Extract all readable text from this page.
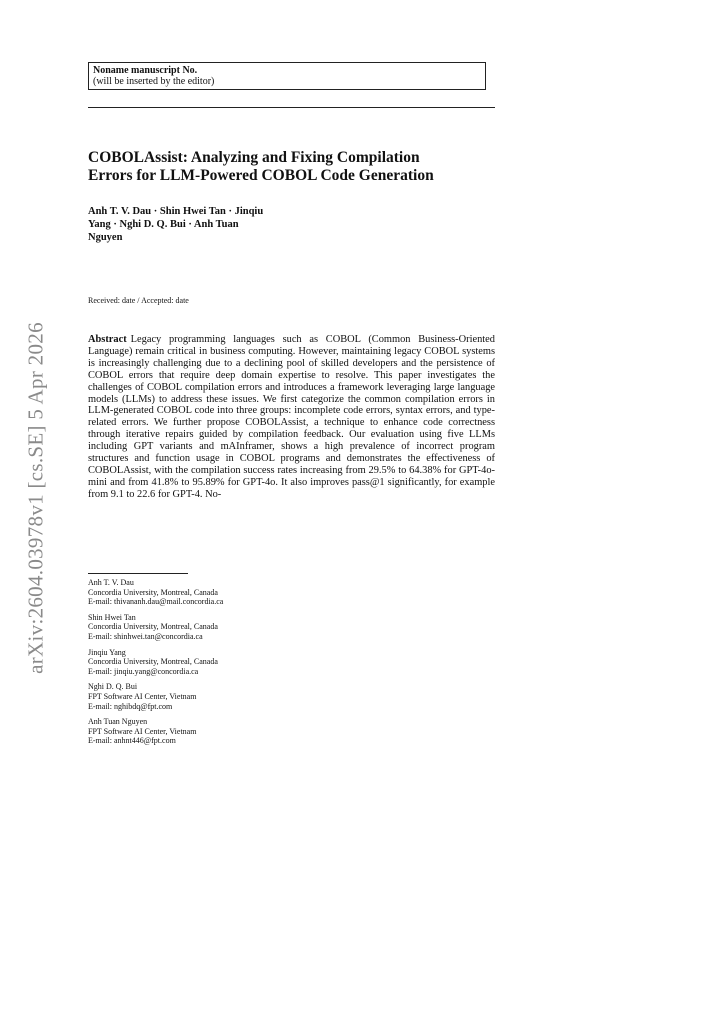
Noname manuscript No.
(will be inserted by the editor)
COBOLAssist: Analyzing and Fixing Compilation
Errors for LLM-Powered COBOL Code Generation
Anh T. V. Dau · Shin Hwei Tan · Jinqiu
Yang · Nghi D. Q. Bui · Anh Tuan
Nguyen
Received: date / Accepted: date
Abstract Legacy programming languages such as COBOL (Common Business-Oriented Language) remain critical in business computing. However, maintaining legacy COBOL systems is increasingly challenging due to a declining pool of skilled developers and the persistence of COBOL errors that require deep domain expertise to resolve. This paper investigates the challenges of COBOL compilation errors and introduces a framework leveraging large language models (LLMs) to address these issues. We first categorize the common compilation errors in LLM-generated COBOL code into three groups: incomplete code errors, syntax errors, and type-related errors. We further propose COBOLAssist, a technique to enhance code correctness through iterative repairs guided by compilation feedback. Our evaluation using five LLMs including GPT variants and mAInframer, shows a high prevalence of incorrect program structures and function usage in COBOL programs and demonstrates the effectiveness of COBOLAssist, with the compilation success rates increasing from 29.5% to 64.38% for GPT-4o-mini and from 41.8% to 95.89% for GPT-4o. It also improves pass@1 significantly, for example from 9.1 to 22.6 for GPT-4. No-
Anh T. V. Dau
Concordia University, Montreal, Canada
E-mail: thivananh.dau@mail.concordia.ca
Shin Hwei Tan
Concordia University, Montreal, Canada
E-mail: shinhwei.tan@concordia.ca
Jinqiu Yang
Concordia University, Montreal, Canada
E-mail: jinqiu.yang@concordia.ca
Nghi D. Q. Bui
FPT Software AI Center, Vietnam
E-mail: nghibdq@fpt.com
Anh Tuan Nguyen
FPT Software AI Center, Vietnam
E-mail: anhnt446@fpt.com
arXiv:2604.03978v1 [cs.SE] 5 Apr 2026
